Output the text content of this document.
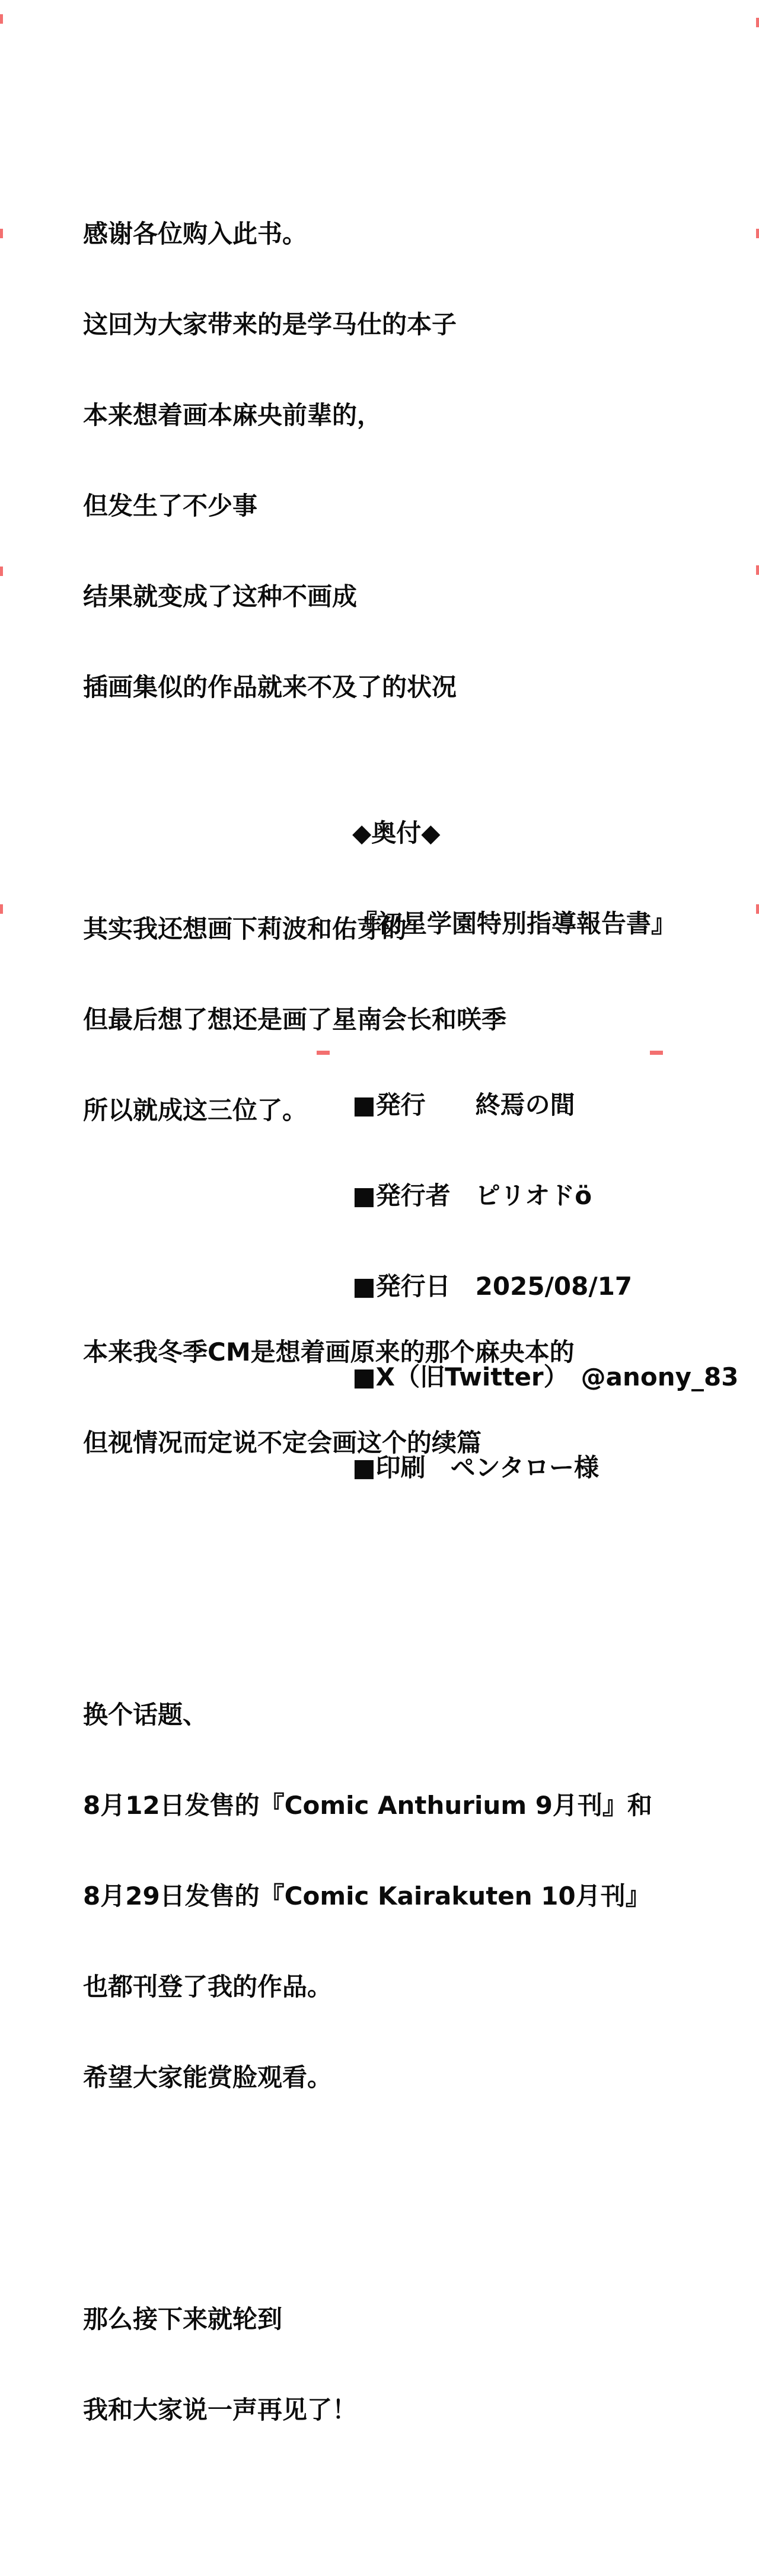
感谢各位购入此书。

这回为大家带来的是学马仕的本子

本来想着画本麻央前辈的，

但发生了不少事

结果就变成了这种不画成

插画集似的作品就来不及了的状况

其实我还想画下莉波和佑芽的

但最后想了想还是画了星南会长和咲季

所以就成这三位了。

本来我冬季CM是想着画原来的那个麻央本的

但视情况而定说不定会画这个的续篇

换个话题、

8月12日发售的『Comic Anthurium 9月刊』和

8月29日发售的『Comic Kairakuten 10月刊』

也都刊登了我的作品。

希望大家能赏脸观看。

那么接下来就轮到

我和大家说一声再见了！

◆奥付◆

『初星学園特別指導報告書』

■発行　　終焉の間

■発行者　ピリオドö

■発行日　2025/08/17

■X（旧Twitter）　@anony_83

■印刷　ペンタロー様
